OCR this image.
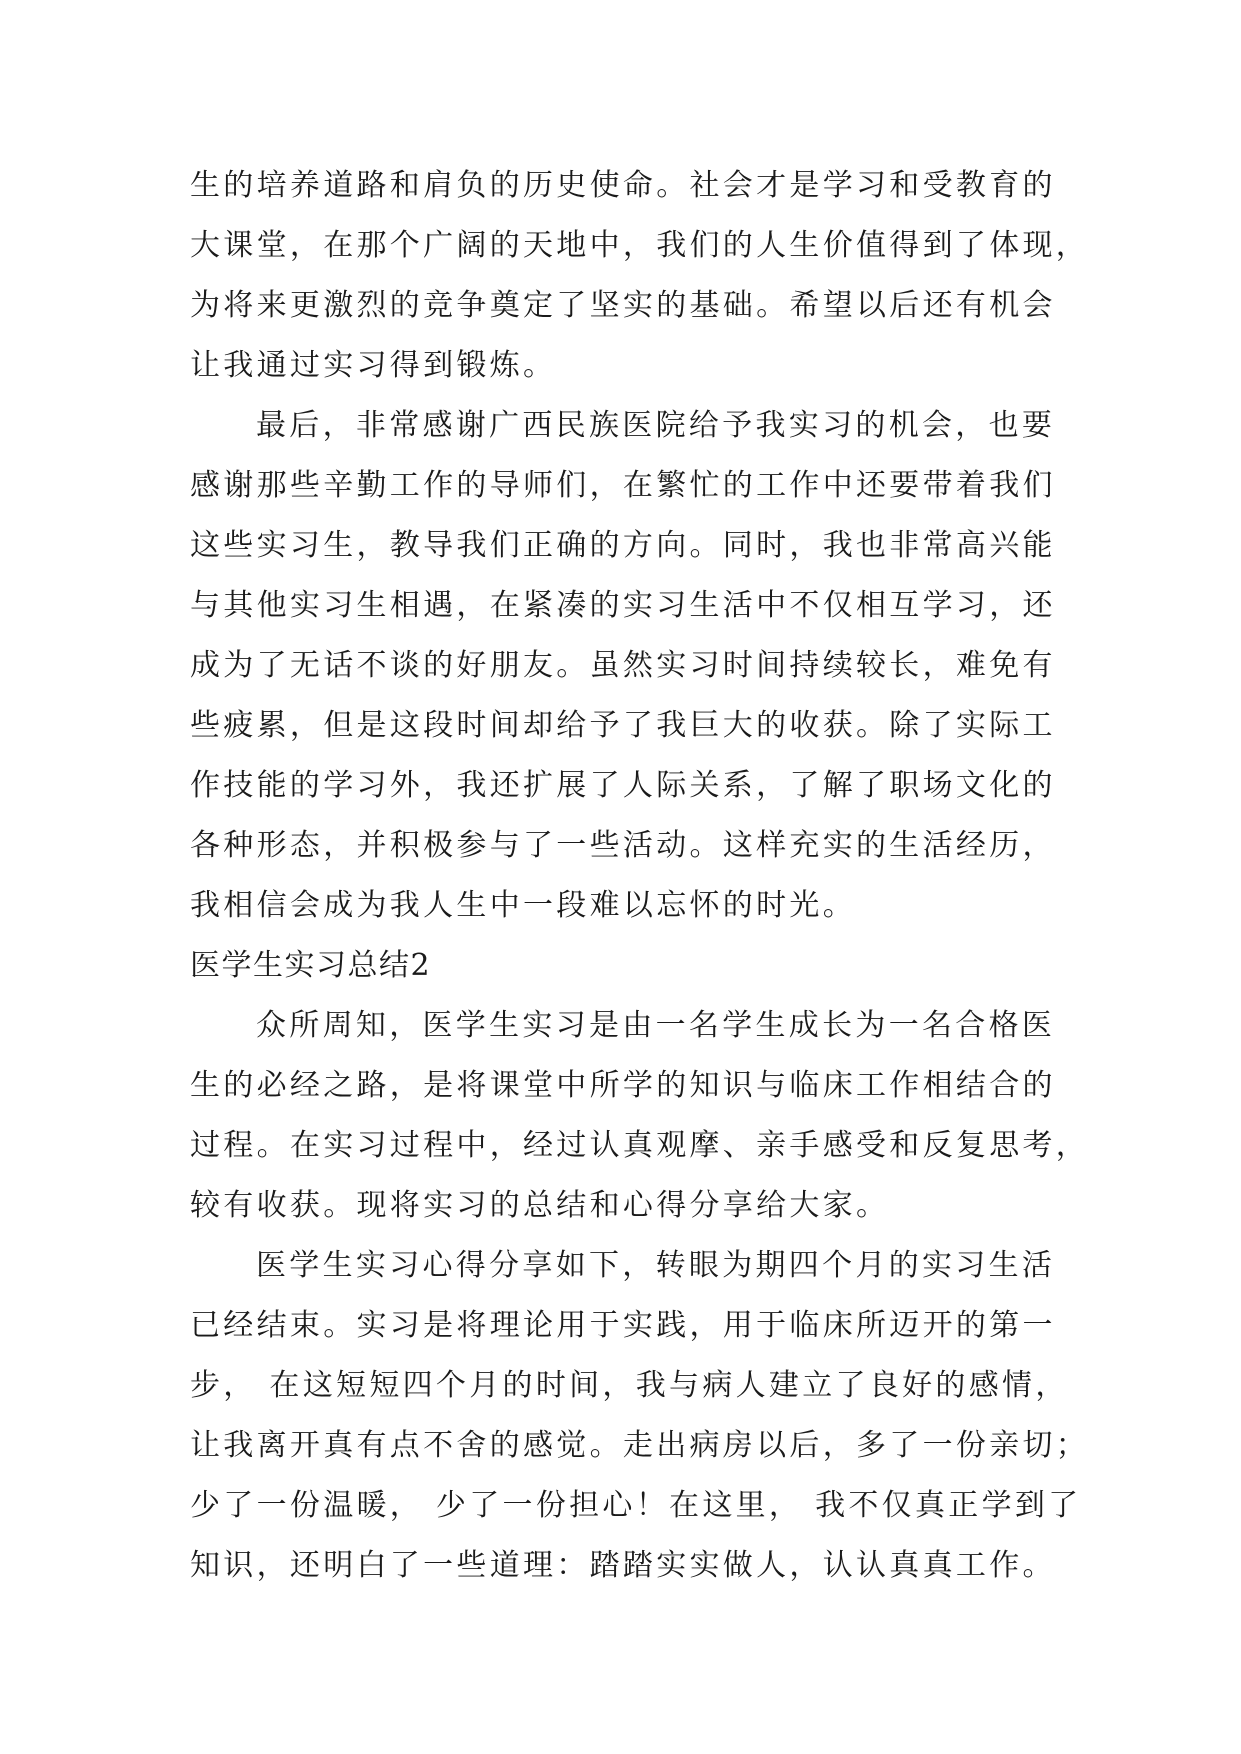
生的培养道路和肩负的历史使命。社会才是学习和受教育的
大课堂，在那个广阔的天地中，我们的人生价值得到了体现，
为将来更激烈的竞争奠定了坚实的基础。希望以后还有机会
让我通过实习得到锻炼。
最后，非常感谢广西民族医院给予我实习的机会，也要
感谢那些辛勤工作的导师们，在繁忙的工作中还要带着我们
这些实习生，教导我们正确的方向。同时，我也非常高兴能
与其他实习生相遇，在紧凑的实习生活中不仅相互学习，还
成为了无话不谈的好朋友。虽然实习时间持续较长，难免有
些疲累，但是这段时间却给予了我巨大的收获。除了实际工
作技能的学习外，我还扩展了人际关系，了解了职场文化的
各种形态，并积极参与了一些活动。这样充实的生活经历，
我相信会成为我人生中一段难以忘怀的时光。
医学生实习总结2
众所周知，医学生实习是由一名学生成长为一名合格医
生的必经之路，是将课堂中所学的知识与临床工作相结合的
过程。在实习过程中，经过认真观摩、亲手感受和反复思考，
较有收获。现将实习的总结和心得分享给大家。
医学生实习心得分享如下，转眼为期四个月的实习生活
已经结束。实习是将理论用于实践，用于临床所迈开的第一
步， 在这短短四个月的时间，我与病人建立了良好的感情，
让我离开真有点不舍的感觉。走出病房以后，多了一份亲切；
少了一份温暖， 少了一份担心！在这里， 我不仅真正学到了
知识，还明白了一些道理：踏踏实实做人，认认真真工作。
